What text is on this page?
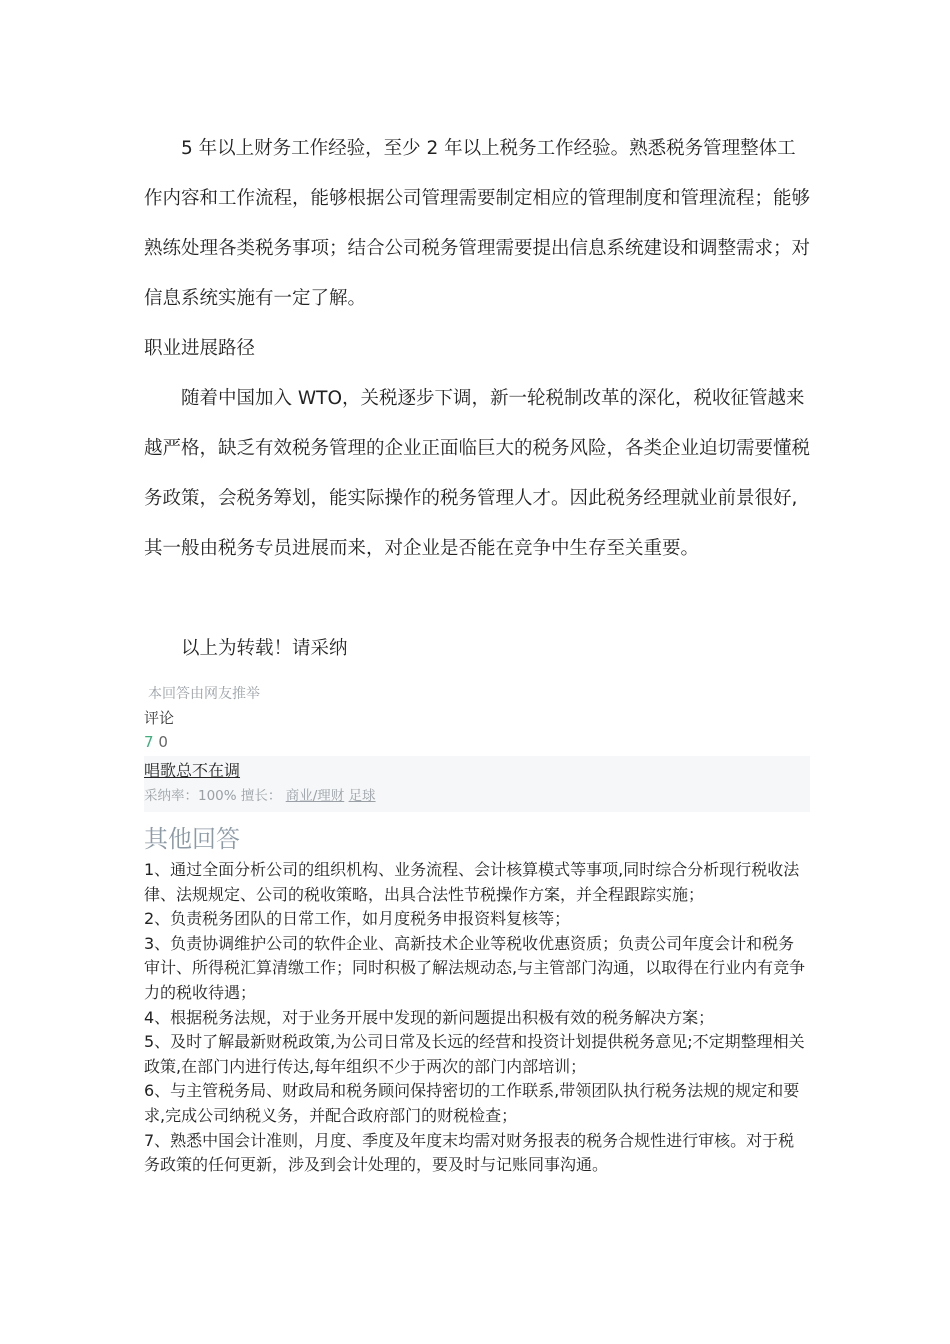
5 年以上财务工作经验，至少 2 年以上税务工作经验。熟悉税务管理整体工作内容和工作流程，能够根据公司管理需要制定相应的管理制度和管理流程；能够熟练处理各类税务事项；结合公司税务管理需要提出信息系统建设和调整需求；对信息系统实施有一定了解。

职业进展路径

随着中国加入 WTO，关税逐步下调，新一轮税制改革的深化，税收征管越来越严格，缺乏有效税务管理的企业正面临巨大的税务风险，各类企业迫切需要懂税务政策，会税务筹划，能实际操作的税务管理人才。因此税务经理就业前景很好,其一般由税务专员进展而来，对企业是否能在竞争中生存至关重要。

以上为转载！请采纳

本回答由网友推举
评论
7 0
唱歌总不在调
采纳率：100% 擅长： 商业/理财 足球
其他回答
1、通过全面分析公司的组织机构、业务流程、会计核算模式等事项,同时综合分析现行税收法律、法规规定、公司的税收策略，出具合法性节税操作方案，并全程跟踪实施；
2、负责税务团队的日常工作，如月度税务申报资料复核等；
3、负责协调维护公司的软件企业、高新技术企业等税收优惠资质；负责公司年度会计和税务审计、所得税汇算清缴工作；同时积极了解法规动态,与主管部门沟通，以取得在行业内有竞争力的税收待遇；
4、根据税务法规，对于业务开展中发现的新问题提出积极有效的税务解决方案；
5、及时了解最新财税政策,为公司日常及长远的经营和投资计划提供税务意见;不定期整理相关政策,在部门内进行传达,每年组织不少于两次的部门内部培训；
6、与主管税务局、财政局和税务顾问保持密切的工作联系,带领团队执行税务法规的规定和要求,完成公司纳税义务，并配合政府部门的财税检查；
7、熟悉中国会计准则，月度、季度及年度末均需对财务报表的税务合规性进行审核。对于税务政策的任何更新，涉及到会计处理的，要及时与记账同事沟通。
